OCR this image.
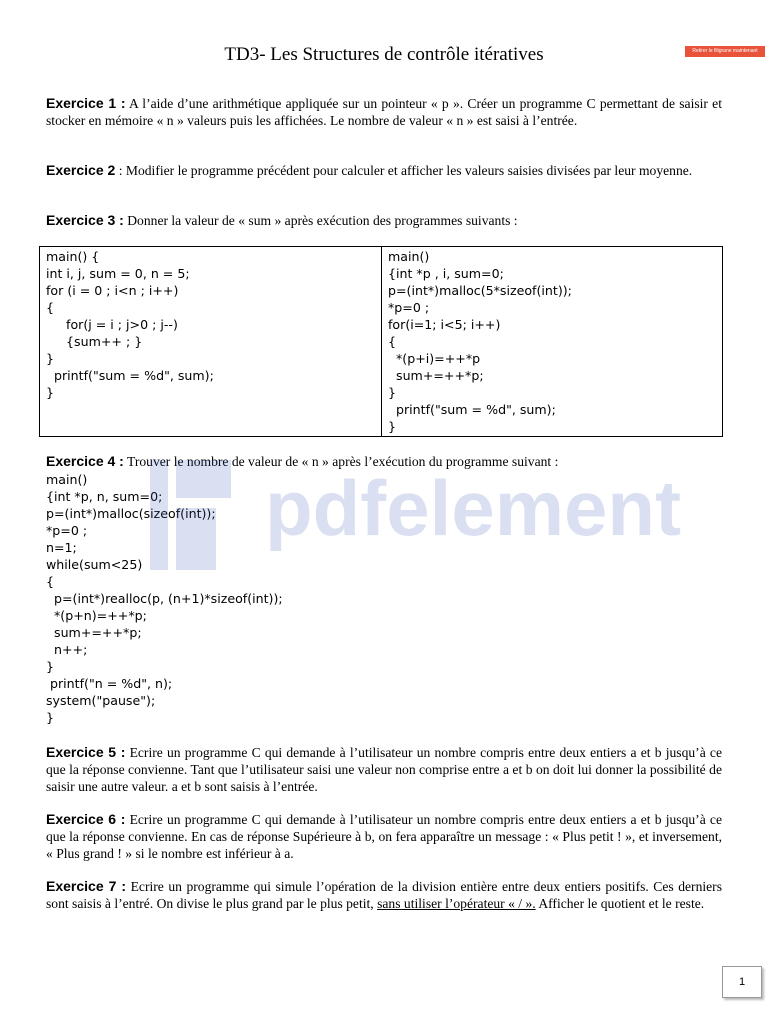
TD3- Les Structures de contrôle itératives	Retirer le filigrane maintenant
Exercice 1 : A l’aide d’une arithmétique appliquée sur un pointeur « p ». Créer un programme C permettant de saisir et stocker en mémoire « n » valeurs puis les affichées. Le nombre de valeur « n » est saisi à l’entrée.
Exercice 2 : Modifier le programme précédent pour calculer et afficher les valeurs saisies divisées par leur moyenne.
Exercice 3 : Donner la valeur de « sum » après exécution des programmes suivants :
main() {
int i, j, sum = 0, n = 5;
for (i = 0 ; i<n ; i++)
{
for(j = i ; j>0 ; j--)
{sum++ ; }
}
printf("sum = %d", sum);
}
main()
{int *p , i, sum=0;
p=(int*)malloc(5*sizeof(int));
*p=0 ;
for(i=1; i<5; i++)
{
*(p+i)=++*p
sum+=++*p;
}
printf("sum = %d", sum);
}
Exercice 4 : Trouver le nombre de valeur de « n » après l’exécution du programme suivant :
main()
{int *p, n, sum=0;
p=(int*)malloc(sizeof(int));
*p=0 ;
n=1;
while(sum<25)
{
p=(int*)realloc(p, (n+1)*sizeof(int));
*(p+n)=++*p;
sum+=++*p;
n++;
}
printf("n = %d", n);
system("pause");
}
pdfelement
Exercice 5 : Ecrire un programme C qui demande à l’utilisateur un nombre compris entre deux entiers a et b jusqu’à ce que la réponse convienne. Tant que l’utilisateur saisi une valeur non comprise entre a et b on doit lui donner la possibilité de saisir une autre valeur. a et b sont saisis à l’entrée.
Exercice 6 : Ecrire un programme C qui demande à l’utilisateur un nombre compris entre deux entiers a et b jusqu’à ce que la réponse convienne. En cas de réponse Supérieure à b, on fera apparaître un message : « Plus petit ! », et inversement, « Plus grand ! » si le nombre est inférieur à a.
Exercice 7 : Ecrire un programme qui simule l’opération de la division entière entre deux entiers positifs. Ces derniers sont saisis à l’entré. On divise le plus grand par le plus petit, sans utiliser l’opérateur « / ». Afficher le quotient et le reste.
1
